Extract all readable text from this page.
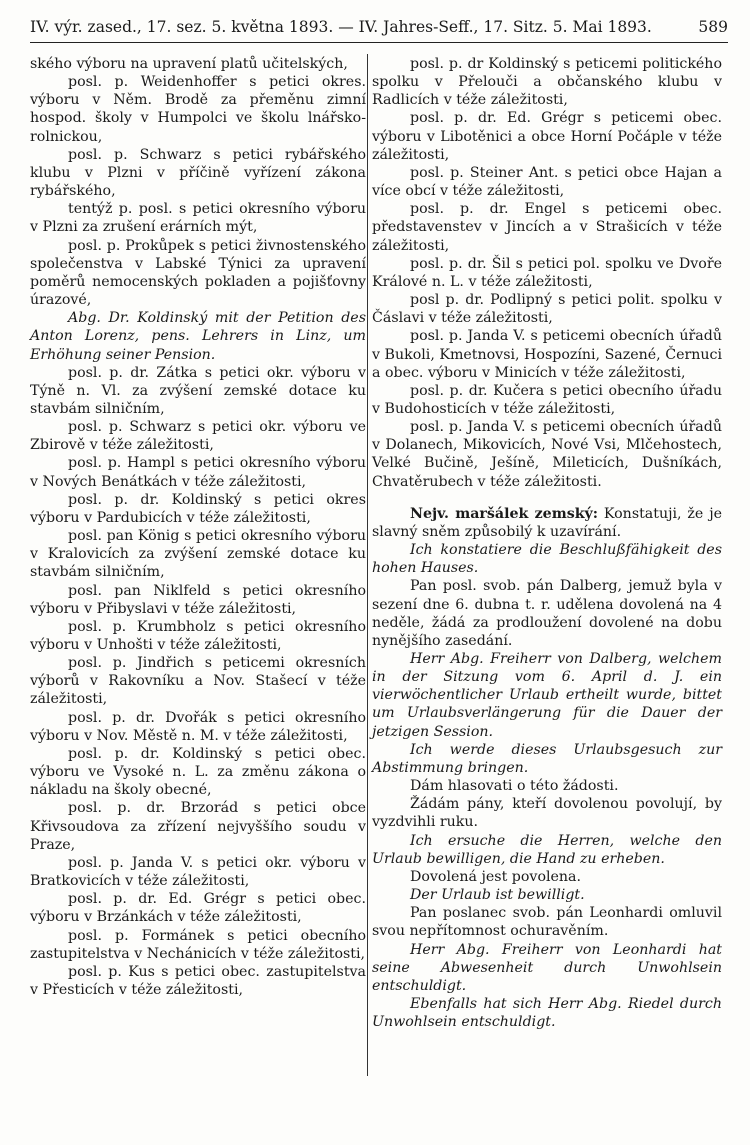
IV. výr. zased., 17. sez. 5. května 1893. — IV. Jahres-Seff., 17. Sitz. 5. Mai 1893.	589

ského výboru na upravení platů učitelských,

posl. p. Weidenhoffer s petici okres. výboru v Něm. Brodě za přeměnu zimní hospod. školy v Humpolci ve školu lnářsko-rolnickou,

posl. p. Schwarz s petici rybářského klubu v Plzni v příčině vyřízení zákona rybářského,

tentýž p. posl. s petici okresního výboru v Plzni za zrušení erárních mýt,

posl. p. Prokůpek s petici živnostenského společenstva v Labské Týnici za upravení poměrů nemocenských pokladen a pojišťovny úrazové,

Abg. Dr. Koldinský mit der Petition des Anton Lorenz, pens. Lehrers in Linz, um Erhöhung seiner Pension.

posl. p. dr. Zátka s petici okr. výboru v Týně n. Vl. za zvýšení zemské dotace ku stavbám silničním,

posl. p. Schwarz s petici okr. výboru ve Zbirově v téže záležitosti,

posl. p. Hampl s petici okresního výboru v Nových Benátkách v téže záležitosti,

posl. p. dr. Koldinský s petici okres výboru v Pardubicích v téže záležitosti,

posl. pan König s petici okresního výboru v Kralovicích za zvýšení zemské dotace ku stavbám silničním,

posl. pan Niklfeld s petici okresního výboru v Přibyslavi v téže záležitosti,

posl. p. Krumbholz s petici okresního výboru v Unhošti v téže záležitosti,

posl. p. Jindřich s peticemi okresních výborů v Rakovníku a Nov. Stašecí v téže záležitosti,

posl. p. dr. Dvořák s petici okresního výboru v Nov. Městě n. M. v téže záležitosti,

posl. p. dr. Koldinský s petici obec. výboru ve Vysoké n. L. za změnu zákona o nákladu na školy obecné,

posl. p. dr. Brzorád s petici obce Křivsoudova za zřízení nejvyššího soudu v Praze,

posl. p. Janda V. s petici okr. výboru v Bratkovicích v téže záležitosti,

posl. p. dr. Ed. Grégr s petici obec. výboru v Brzánkách v téže záležitosti,

posl. p. Formánek s petici obecního zastupitelstva v Nechánicích v téže záležitosti,

posl. p. Kus s petici obec. zastupitelstva v Přesticích v téže záležitosti,

posl. p. dr Koldinský s peticemi politického spolku v Přelouči a občanského klubu v Radlicích v téže záležitosti,

posl. p. dr. Ed. Grégr s peticemi obec. výboru v Libotěnici a obce Horní Počáple v téže záležitosti,

posl. p. Steiner Ant. s petici obce Hajan a více obcí v téže záležitosti,

posl. p. dr. Engel s peticemi obec. představenstev v Jincích a v Strašicích v téže záležitosti,

posl. p. dr. Šil s petici pol. spolku ve Dvoře Králové n. L. v téže záležitosti,

posl p. dr. Podlipný s petici polit. spolku v Čáslavi v téže záležitosti,

posl. p. Janda V. s peticemi obecních úřadů v Bukoli, Kmetnovsi, Hospozíni, Sazené, Černuci a obec. výboru v Minicích v téže záležitosti,

posl. p. dr. Kučera s petici obecního úřadu v Budohosticích v téže záležitosti,

posl. p. Janda V. s peticemi obecních úřadů v Dolanech, Mikovicích, Nové Vsi, Mlčehostech, Velké Bučině, Ješíně, Mileticích, Dušníkách, Chvatěrubech v téže záležitosti.

Nejv. maršálek zemský: Konstatuji, že je slavný sněm způsobilý k uzavírání.

Ich konstatiere die Beschlußfähigkeit des hohen Hauses.

Pan posl. svob. pán Dalberg, jemuž byla v sezení dne 6. dubna t. r. udělena dovolená na 4 neděle, žádá za prodloužení dovolené na dobu nynějšího zasedání.

Herr Abg. Freiherr von Dalberg, welchem in der Sitzung vom 6. April d. J. ein vierwöchentlicher Urlaub ertheilt wurde, bittet um Urlaubsverlängerung für die Dauer der jetzigen Session.

Ich werde dieses Urlaubsgesuch zur Abstimmung bringen.

Dám hlasovati o této žádosti.

Žádám pány, kteří dovolenou povolují, by vyzdvihli ruku.

Ich ersuche die Herren, welche den Urlaub bewilligen, die Hand zu erheben.

Dovolená jest povolena.

Der Urlaub ist bewilligt.

Pan poslanec svob. pán Leonhardi omluvil svou nepřítomnost ochuravěním.

Herr Abg. Freiherr von Leonhardi hat seine Abwesenheit durch Unwohlsein entschuldigt.

Ebenfalls hat sich Herr Abg. Riedel durch Unwohlsein entschuldigt.
